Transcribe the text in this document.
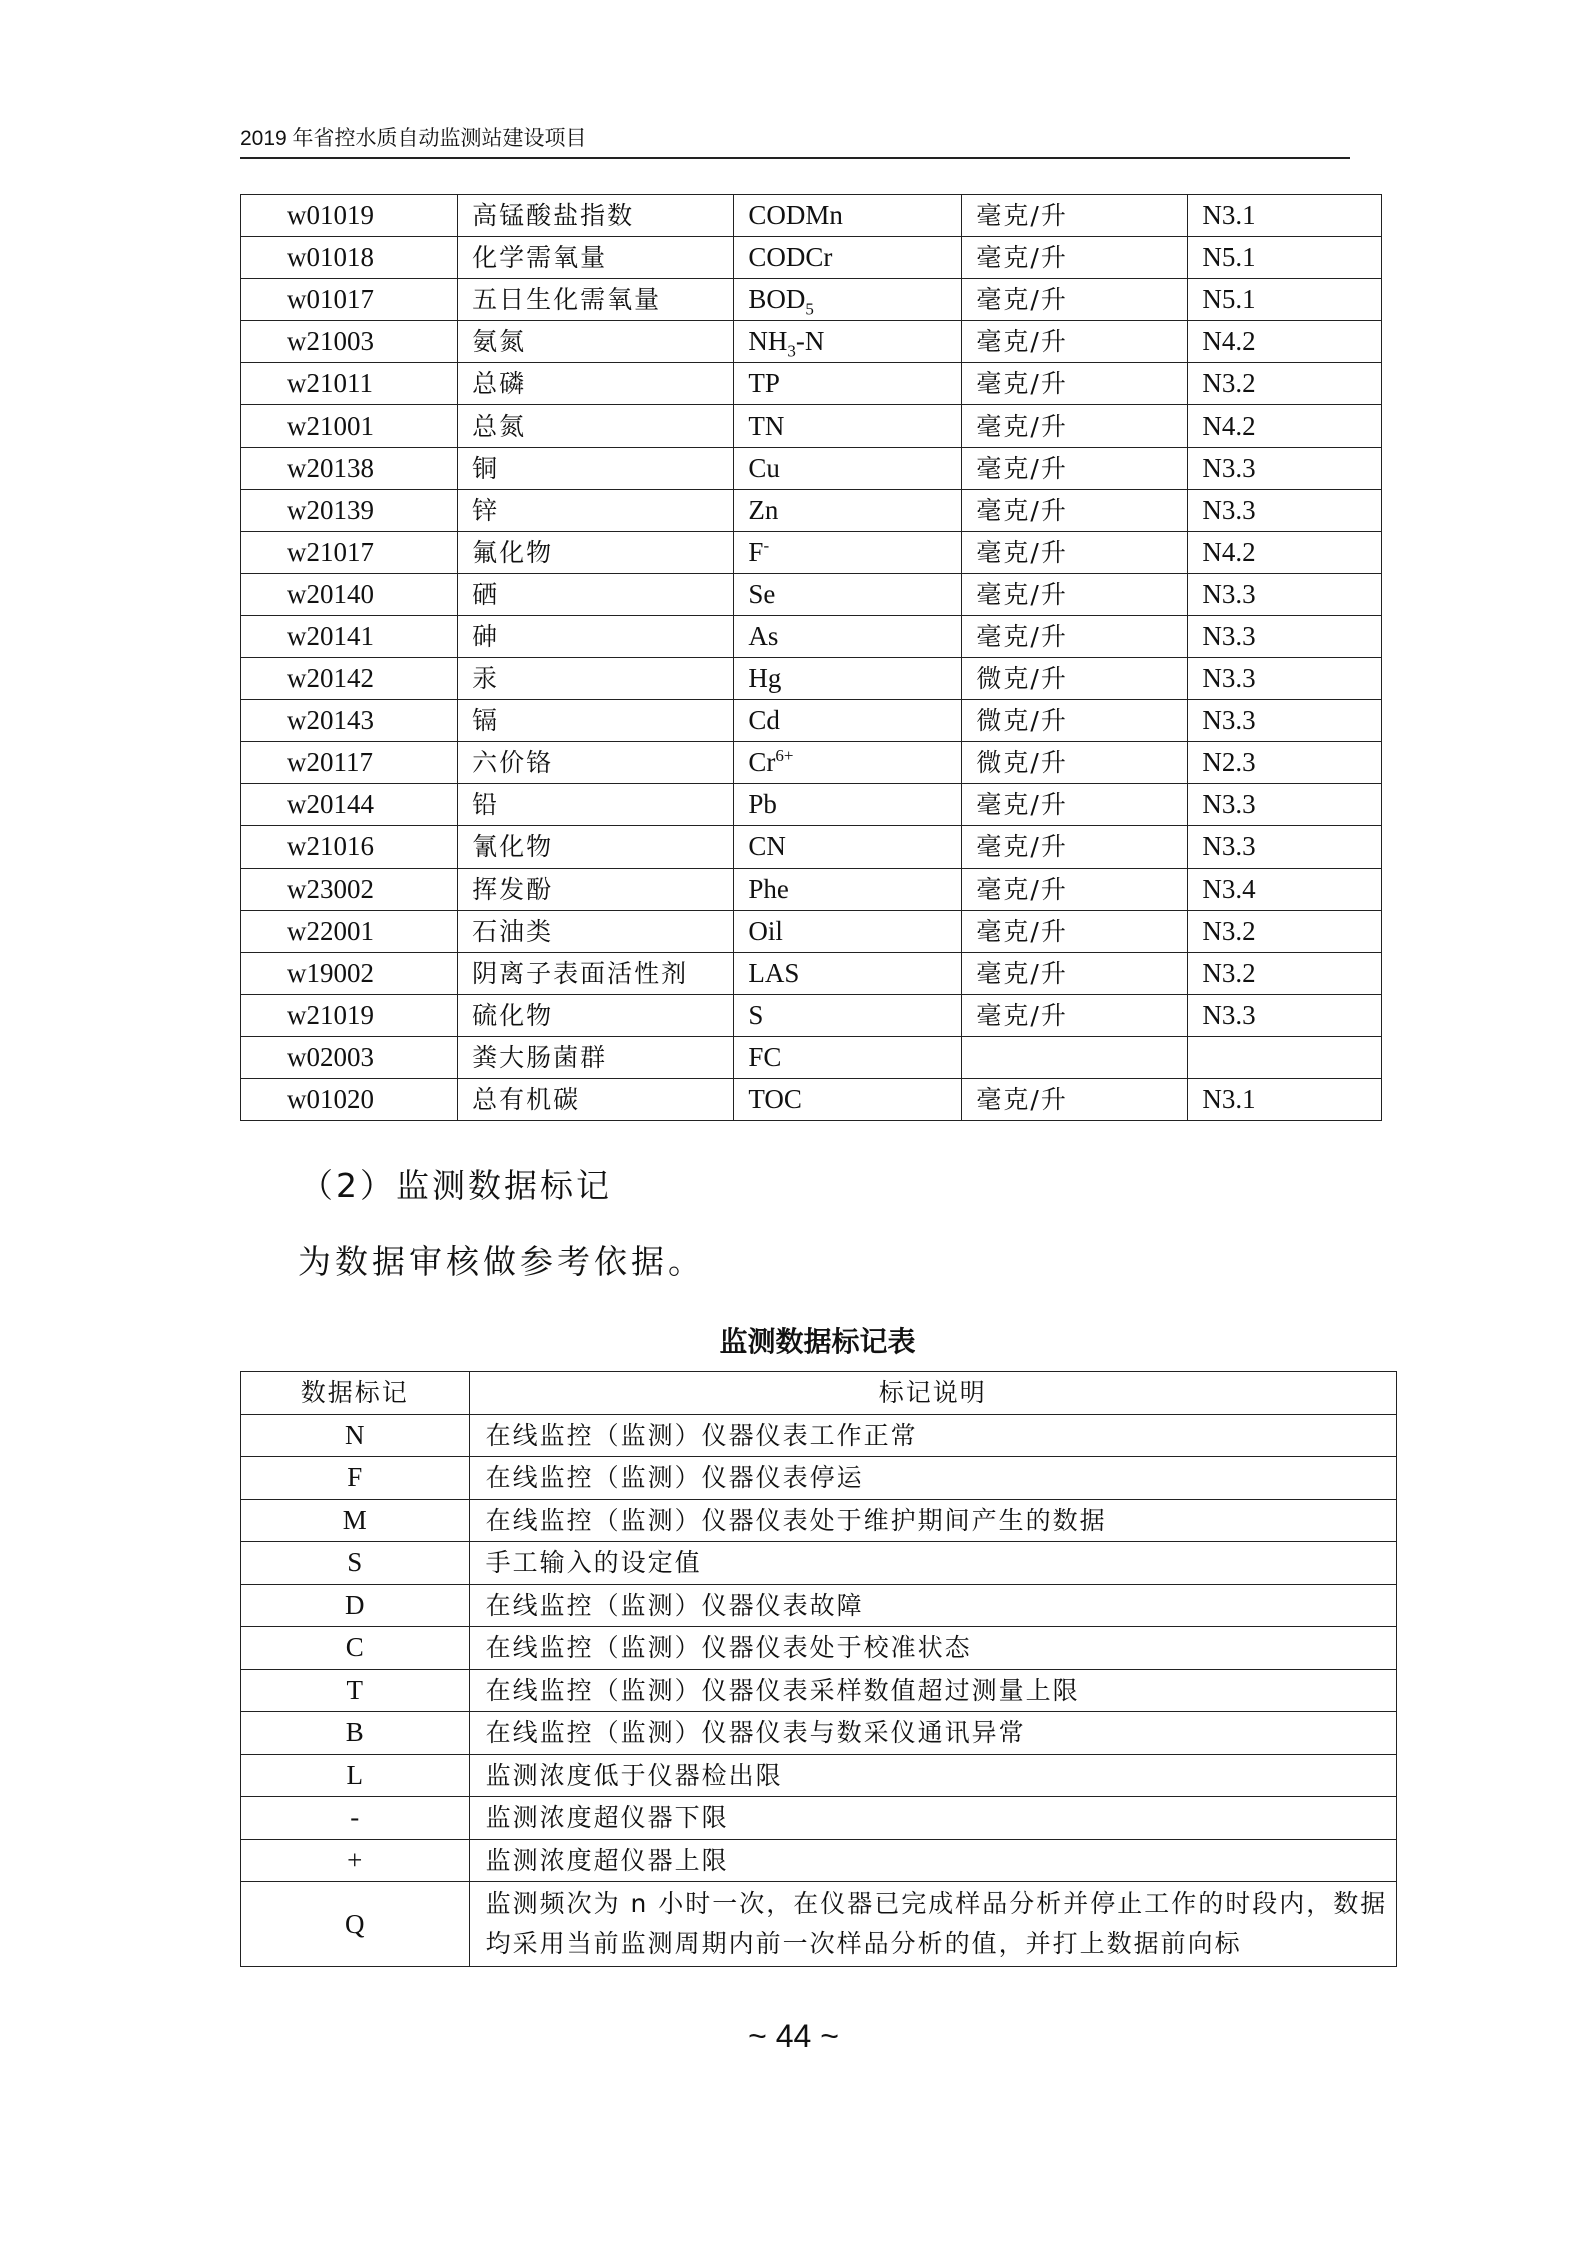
2019 年省控水质自动监测站建设项目
w01019	高锰酸盐指数	CODMn	毫克/升	N3.1
w01018	化学需氧量	CODCr	毫克/升	N5.1
w01017	五日生化需氧量	$BOD_5$	毫克/升	N5.1
w21003	氨氮	$NH_3-N$	毫克/升	N4.2
w21011	总磷	TP	毫克/升	N3.2
w21001	总氮	TN	毫克/升	N4.2
w20138	铜	Cu	毫克/升	N3.3
w20139	锌	Zn	毫克/升	N3.3
w21017	氟化物	F-	毫克/升	N4.2
w20140	硒	Se	毫克/升	N3.3
w20141	砷	As	毫克/升	N3.3
w20142	汞	Hg	微克/升	N3.3
w20143	镉	Cd	微克/升	N3.3
w20117	六价铬	$Cr^{6+}$	微克/升	N2.3
w20144	铅	Pb	毫克/升	N3.3
w21016	氰化物	CN	毫克/升	N3.3
w23002	挥发酚	Phe	毫克/升	N3.4
w22001	石油类	Oil	毫克/升	N3.2
w19002	阴离子表面活性剂	LAS	毫克/升	N3.2
w21019	硫化物	S	毫克/升	N3.3
w02003	粪大肠菌群	FC		
w01020	总有机碳	TOC	毫克/升	N3.1
（2）监测数据标记
为数据审核做参考依据。
监测数据标记表
数据标记	标记说明
N	在线监控（监测）仪器仪表工作正常
F	在线监控（监测）仪器仪表停运
M	在线监控（监测）仪器仪表处于维护期间产生的数据
S	手工输入的设定值
D	在线监控（监测）仪器仪表故障
C	在线监控（监测）仪器仪表处于校准状态
T	在线监控（监测）仪器仪表采样数值超过测量上限
B	在线监控（监测）仪器仪表与数采仪通讯异常
L	监测浓度低于仪器检出限
-	监测浓度超仪器下限
+	监测浓度超仪器上限
Q	监测频次为 n 小时一次，在仪器已完成样品分析并停止工作的时段内，数据均采用当前监测周期内前一次样品分析的值，并打上数据前向标
~ 44 ~
